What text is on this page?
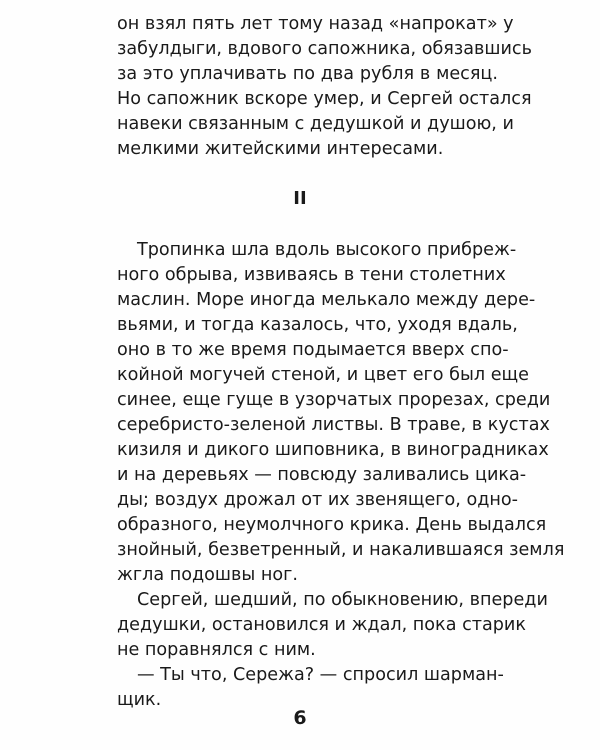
он взял пять лет тому назад «напрокат» у
забулдыги, вдового сапожника, обязавшись
за это уплачивать по два рубля в месяц.
Но сапожник вскоре умер, и Сергей остался
навеки связанным с дедушкой и душою, и
мелкими житейскими интересами.
II
Тропинка шла вдоль высокого прибреж-
ного обрыва, извиваясь в тени столетних
маслин. Море иногда мелькало между дере-
вьями, и тогда казалось, что, уходя вдаль,
оно в то же время подымается вверх спо-
койной могучей стеной, и цвет его был еще
синее, еще гуще в узорчатых прорезах, среди
серебристо-зеленой листвы. В траве, в кустах
кизиля и дикого шиповника, в виноградниках
и на деревьях — повсюду заливались цика-
ды; воздух дрожал от их звенящего, одно-
образного, неумолчного крика. День выдался
знойный, безветренный, и накалившаяся земля
жгла подошвы ног.
Сергей, шедший, по обыкновению, впереди
дедушки, остановился и ждал, пока старик
не поравнялся с ним.
— Ты что, Сережа? — спросил шарман-
щик.
6
